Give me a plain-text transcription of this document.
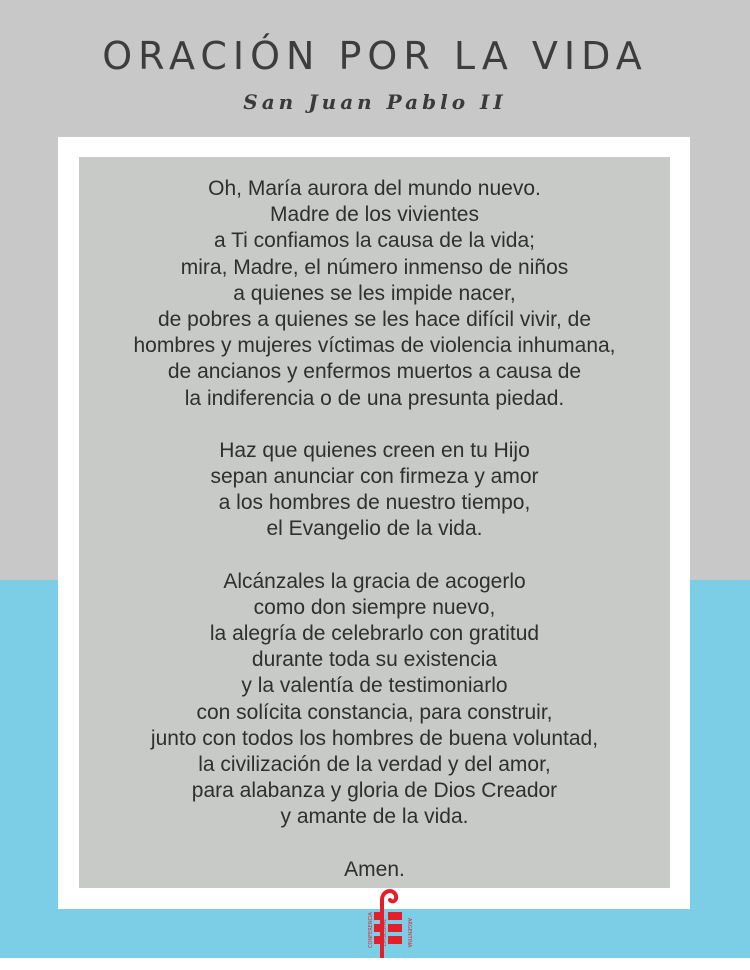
ORACIÓN POR LA VIDA
San Juan Pablo II
Oh, María aurora del mundo nuevo.
Madre de los vivientes
a Ti confiamos la causa de la vida;
mira, Madre, el número inmenso de niños
a quienes se les impide nacer,
de pobres a quienes se les hace difícil vivir, de
hombres y mujeres víctimas de violencia inhumana,
de ancianos y enfermos muertos a causa de
la indiferencia o de una presunta piedad.
Haz que quienes creen en tu Hijo
sepan anunciar con firmeza y amor
a los hombres de nuestro tiempo,
el Evangelio de la vida.
Alcánzales la gracia de acogerlo
como don siempre nuevo,
la alegría de celebrarlo con gratitud
durante toda su existencia
y la valentía de testimoniarlo
con solícita constancia, para construir,
junto con todos los hombres de buena voluntad,
la civilización de la verdad y del amor,
para alabanza y gloria de Dios Creador
y amante de la vida.
Amen.
CONFERENCIA EPISCOPAL	ARGENTINA
